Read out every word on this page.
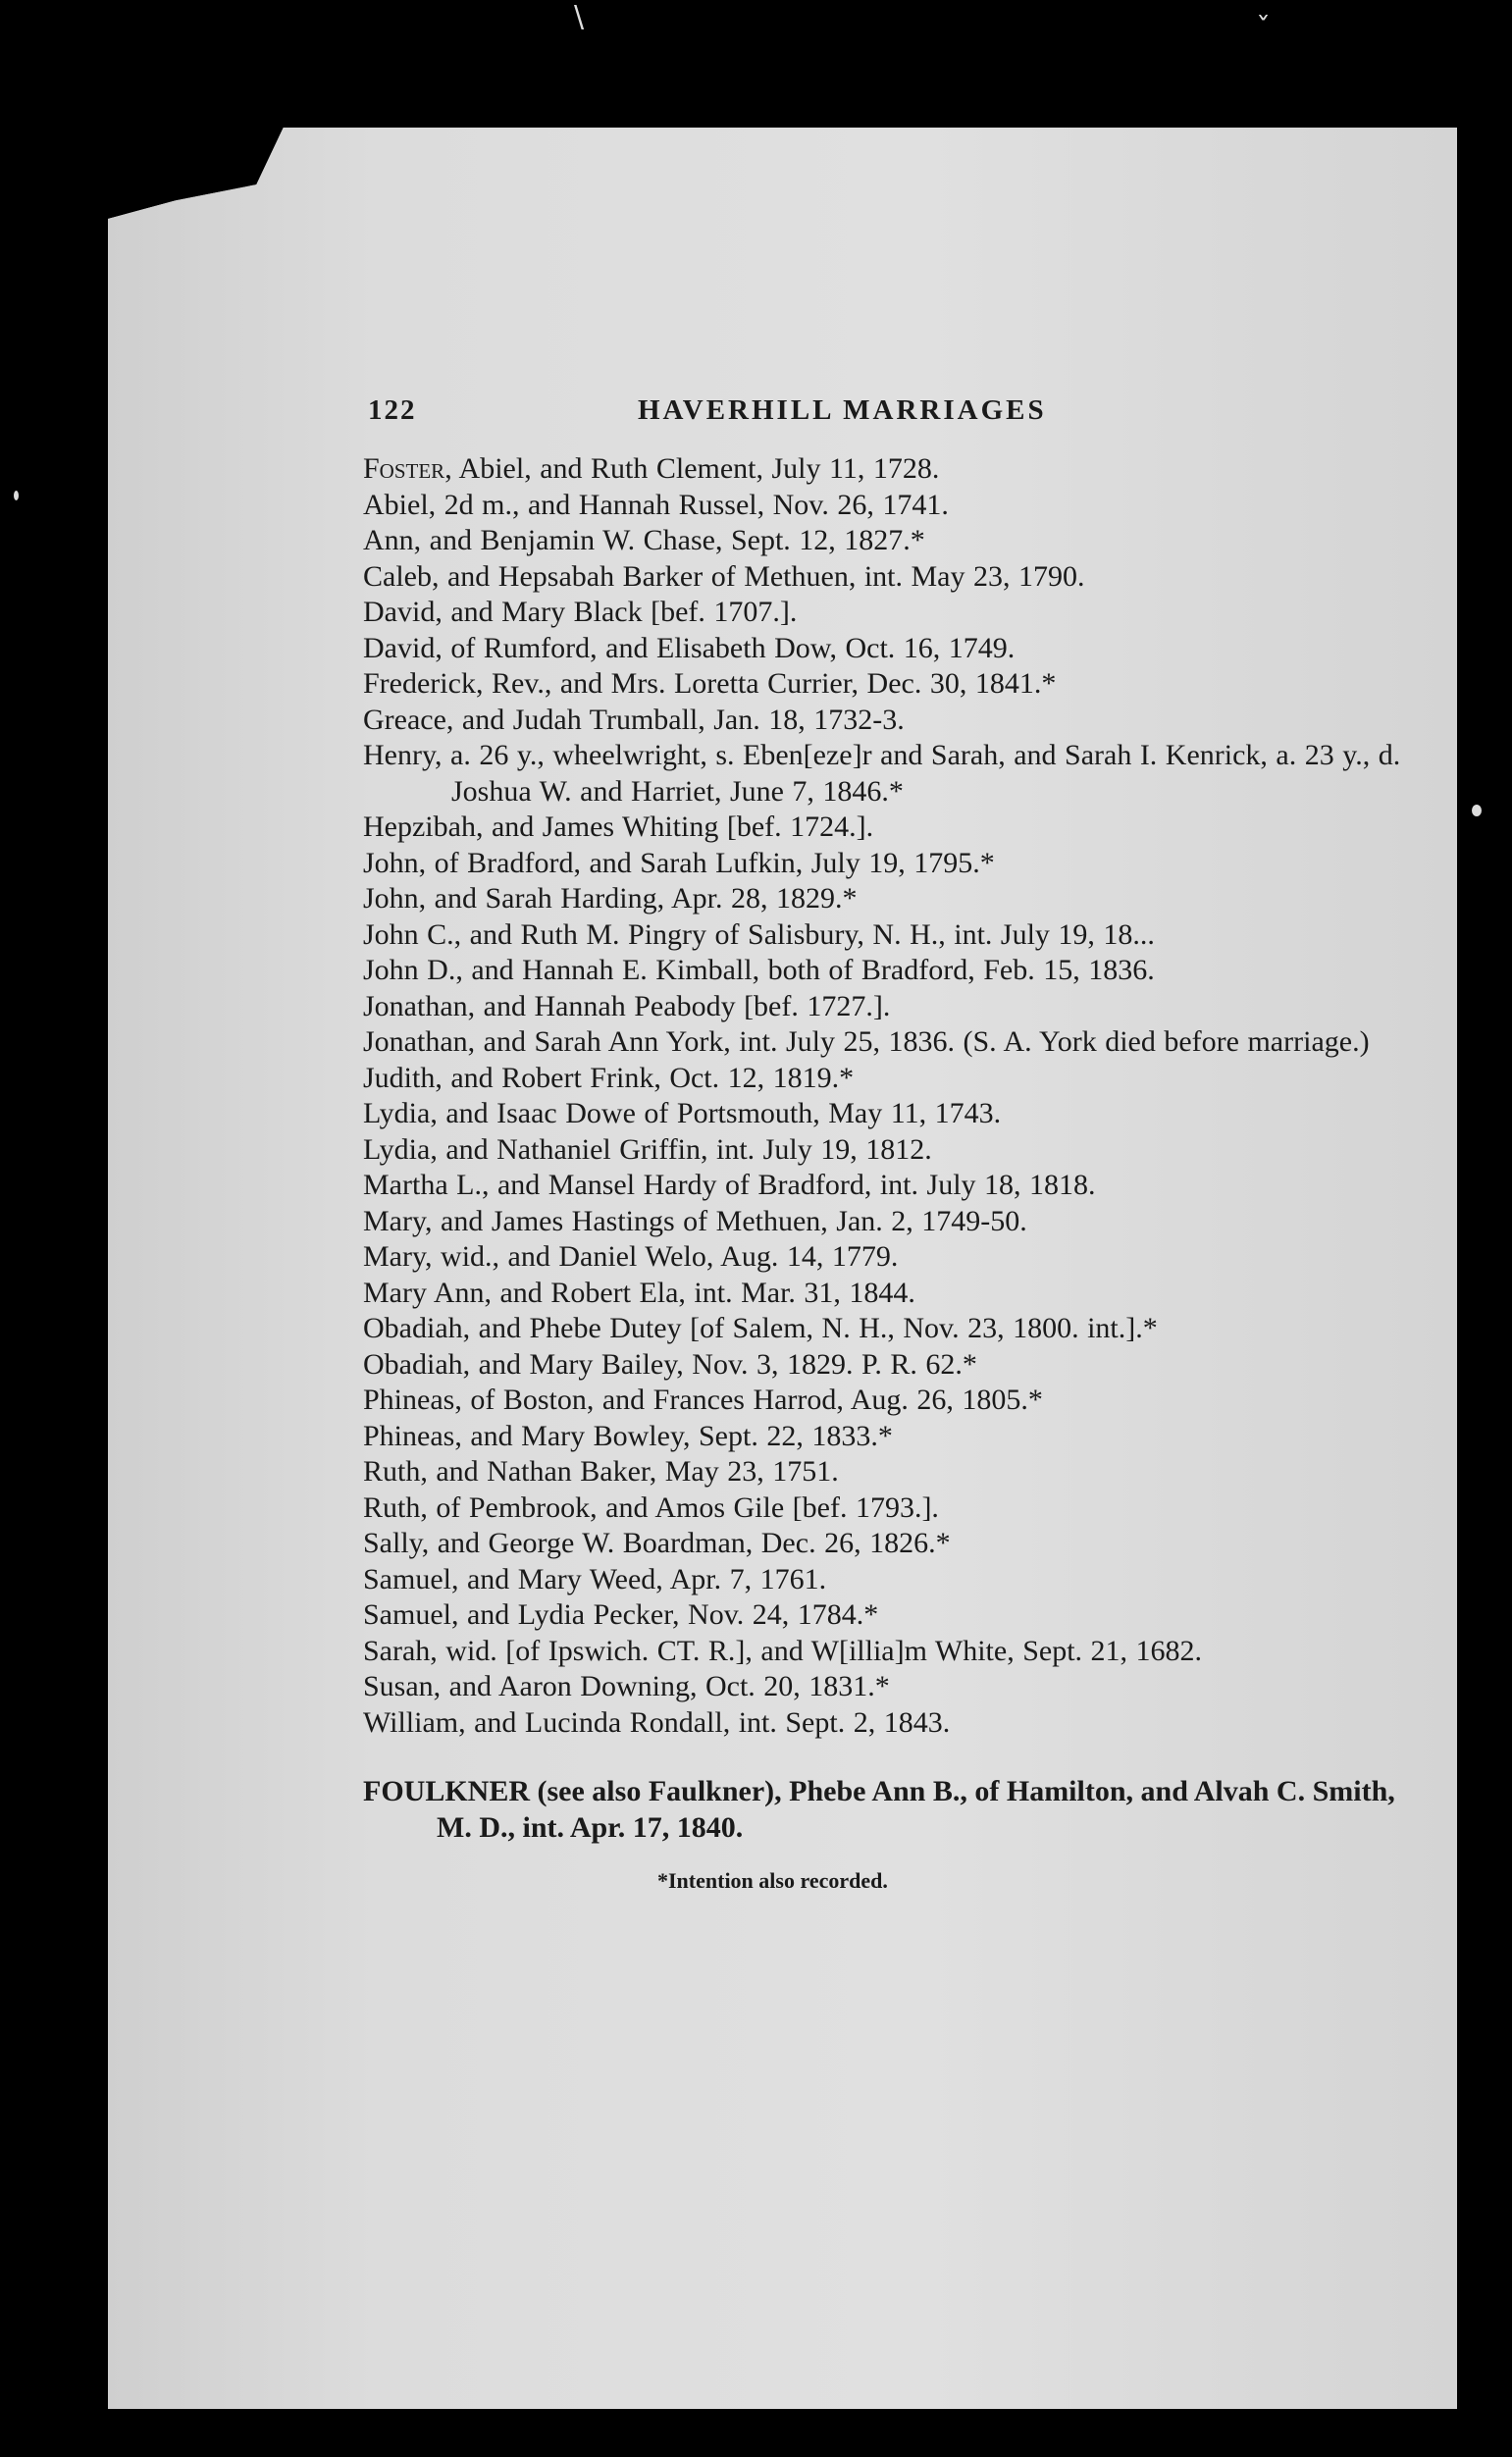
\	ˇ
122	HAVERHILL MARRIAGES
Foster, Abiel, and Ruth Clement, July 11, 1728.
Abiel, 2d m., and Hannah Russel, Nov. 26, 1741.
Ann, and Benjamin W. Chase, Sept. 12, 1827.*
Caleb, and Hepsabah Barker of Methuen, int. May 23, 1790.
David, and Mary Black [bef. 1707.].
David, of Rumford, and Elisabeth Dow, Oct. 16, 1749.
Frederick, Rev., and Mrs. Loretta Currier, Dec. 30, 1841.*
Greace, and Judah Trumball, Jan. 18, 1732-3.
Henry, a. 26 y., wheelwright, s. Eben[eze]r and Sarah, and Sarah I. Kenrick, a. 23 y., d. Joshua W. and Harriet, June 7, 1846.*
Hepzibah, and James Whiting [bef. 1724.].
John, of Bradford, and Sarah Lufkin, July 19, 1795.*
John, and Sarah Harding, Apr. 28, 1829.*
John C., and Ruth M. Pingry of Salisbury, N. H., int. July 19, 18...
John D., and Hannah E. Kimball, both of Bradford, Feb. 15, 1836.
Jonathan, and Hannah Peabody [bef. 1727.].
Jonathan, and Sarah Ann York, int. July 25, 1836. (S. A. York died before marriage.)
Judith, and Robert Frink, Oct. 12, 1819.*
Lydia, and Isaac Dowe of Portsmouth, May 11, 1743.
Lydia, and Nathaniel Griffin, int. July 19, 1812.
Martha L., and Mansel Hardy of Bradford, int. July 18, 1818.
Mary, and James Hastings of Methuen, Jan. 2, 1749-50.
Mary, wid., and Daniel Welo, Aug. 14, 1779.
Mary Ann, and Robert Ela, int. Mar. 31, 1844.
Obadiah, and Phebe Dutey [of Salem, N. H., Nov. 23, 1800. int.].*
Obadiah, and Mary Bailey, Nov. 3, 1829. P. R. 62.*
Phineas, of Boston, and Frances Harrod, Aug. 26, 1805.*
Phineas, and Mary Bowley, Sept. 22, 1833.*
Ruth, and Nathan Baker, May 23, 1751.
Ruth, of Pembrook, and Amos Gile [bef. 1793.].
Sally, and George W. Boardman, Dec. 26, 1826.*
Samuel, and Mary Weed, Apr. 7, 1761.
Samuel, and Lydia Pecker, Nov. 24, 1784.*
Sarah, wid. [of Ipswich. CT. R.], and W[illia]m White, Sept. 21, 1682.
Susan, and Aaron Downing, Oct. 20, 1831.*
William, and Lucinda Rondall, int. Sept. 2, 1843.
FOULKNER (see also Faulkner), Phebe Ann B., of Hamilton, and Alvah C. Smith, M. D., int. Apr. 17, 1840.
*Intention also recorded.
